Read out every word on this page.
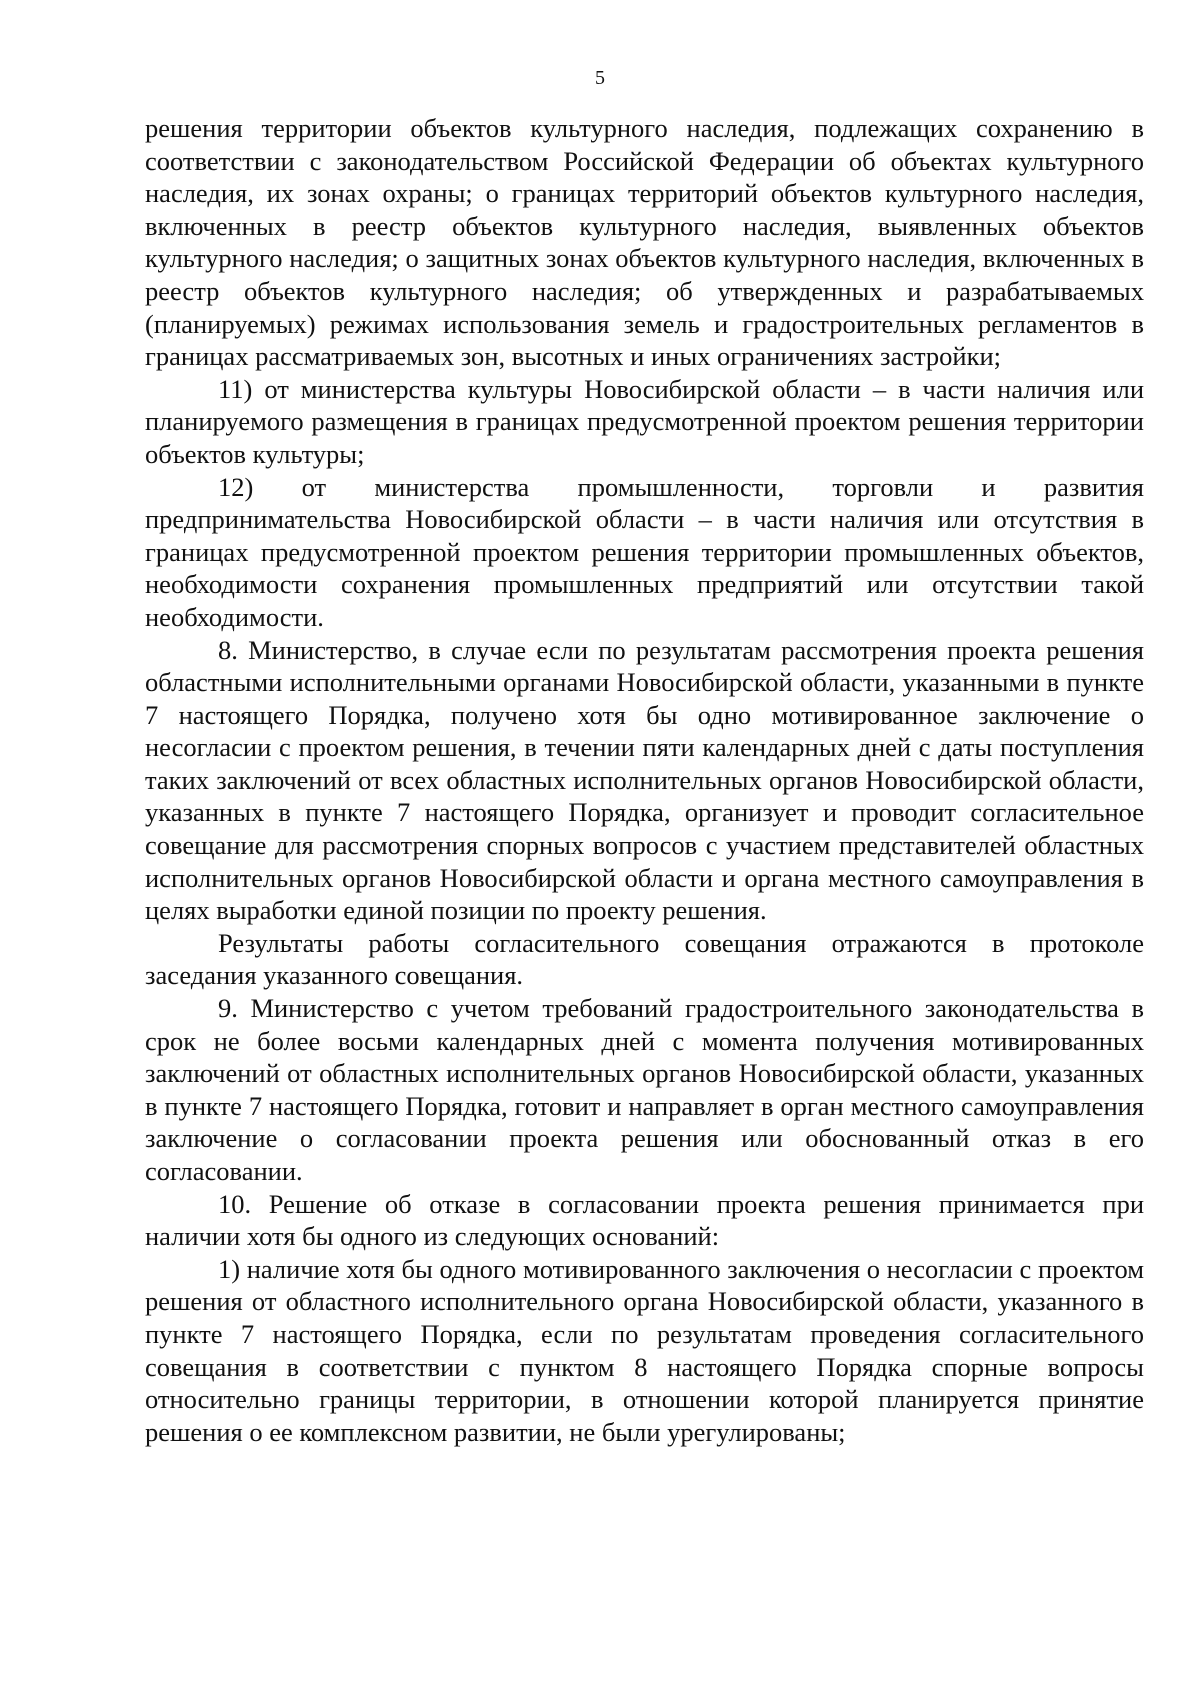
5

решения территории объектов культурного наследия, подлежащих сохранению в соответствии с законодательством Российской Федерации об объектах культурного наследия, их зонах охраны; о границах территорий объектов культурного наследия, включенных в реестр объектов культурного наследия, выявленных объектов культурного наследия; о защитных зонах объектов культурного наследия, включенных в реестр объектов культурного наследия; об утвержденных и разрабатываемых (планируемых) режимах использования земель и градостроительных регламентов в границах рассматриваемых зон, высотных и иных ограничениях застройки;

11) от министерства культуры Новосибирской области – в части наличия или планируемого размещения в границах предусмотренной проектом решения территории объектов культуры;

12) от министерства промышленности, торговли и развития предпринимательства Новосибирской области – в части наличия или отсутствия в границах предусмотренной проектом решения территории промышленных объектов, необходимости сохранения промышленных предприятий или отсутствии такой необходимости.

8. Министерство, в случае если по результатам рассмотрения проекта решения областными исполнительными органами Новосибирской области, указанными в пункте 7 настоящего Порядка, получено хотя бы одно мотивированное заключение о несогласии с проектом решения, в течении пяти календарных дней с даты поступления таких заключений от всех областных исполнительных органов Новосибирской области, указанных в пункте 7 настоящего Порядка, организует и проводит согласительное совещание для рассмотрения спорных вопросов с участием представителей областных исполнительных органов Новосибирской области и органа местного самоуправления в целях выработки единой позиции по проекту решения.

Результаты работы согласительного совещания отражаются в протоколе заседания указанного совещания.

9. Министерство с учетом требований градостроительного законодательства в срок не более восьми календарных дней с момента получения мотивированных заключений от областных исполнительных органов Новосибирской области, указанных в пункте 7 настоящего Порядка, готовит и направляет в орган местного самоуправления заключение о согласовании проекта решения или обоснованный отказ в его согласовании.

10. Решение об отказе в согласовании проекта решения принимается при наличии хотя бы одного из следующих оснований:

1) наличие хотя бы одного мотивированного заключения о несогласии с проектом решения от областного исполнительного органа Новосибирской области, указанного в пункте 7 настоящего Порядка, если по результатам проведения согласительного совещания в соответствии с пунктом 8 настоящего Порядка спорные вопросы относительно границы территории, в отношении которой планируется принятие решения о ее комплексном развитии, не были урегулированы;
